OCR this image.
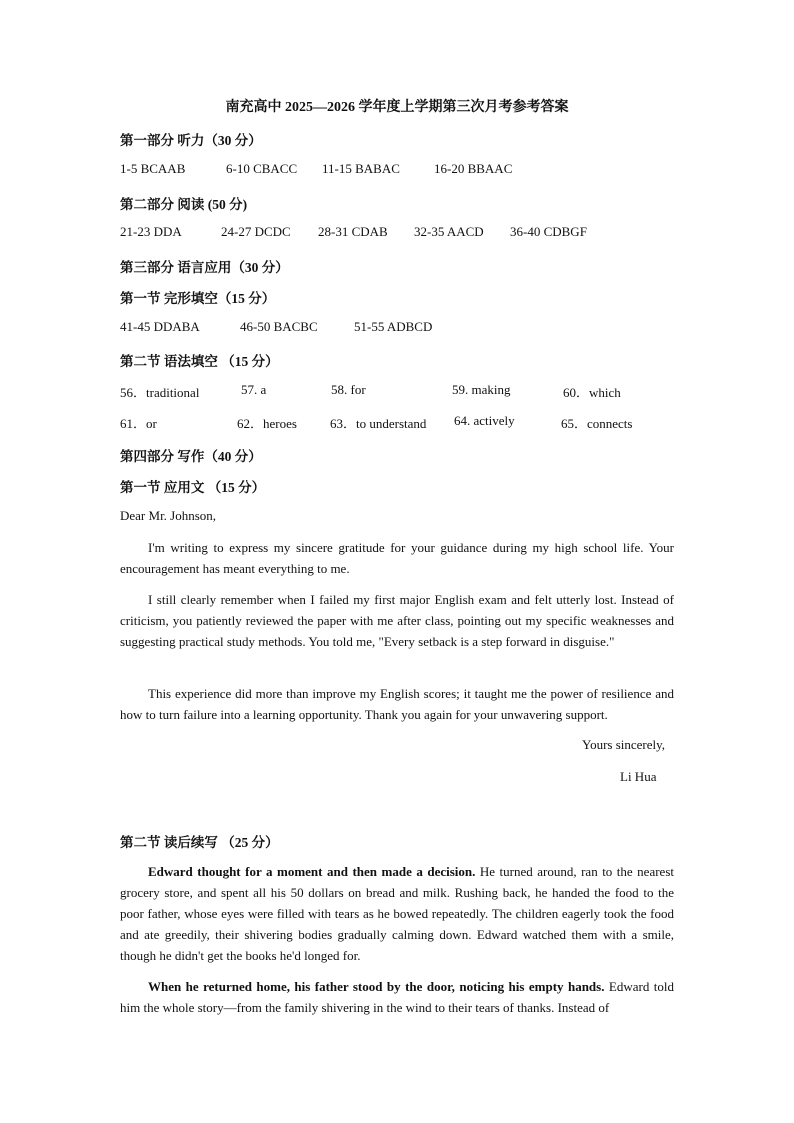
南充高中 2025—2026 学年度上学期第三次月考参考答案
第一部分 听力（30 分）
1-5 BCAAB	6-10 CBACC 11-15 BABAC	16-20 BBAAC
第二部分 阅读 (50 分)
21-23 DDA	24-27 DCDC 28-31 CDAB 32-35 AACD 36-40 CDBGF
第三部分 语言应用（30 分）
第一节 完形填空（15 分）
41-45 DDABA	46-50 BACBC	51-55 ADBCD
第二节 语法填空 （15 分）
56．traditional	57. a	58. for	59. making	60．which
61．or	62．heroes	63．to understand 64. actively	65．connects
第四部分 写作（40 分）
第一节 应用文 （15 分）
Dear Mr. Johnson,

I'm writing to express my sincere gratitude for your guidance during my high school life. Your encouragement has meant everything to me.

I still clearly remember when I failed my first major English exam and felt utterly lost. Instead of criticism, you patiently reviewed the paper with me after class, pointing out my specific weaknesses and suggesting practical study methods. You told me, "Every setback is a step forward in disguise."

This experience did more than improve my English scores; it taught me the power of resilience and how to turn failure into a learning opportunity. Thank you again for your unwavering support.

Yours sincerely,
Li Hua
第二节 读后续写 （25 分）

Edward thought for a moment and then made a decision. He turned around, ran to the nearest grocery store, and spent all his 50 dollars on bread and milk. Rushing back, he handed the food to the poor father, whose eyes were filled with tears as he bowed repeatedly. The children eagerly took the food and ate greedily, their shivering bodies gradually calming down. Edward watched them with a smile, though he didn't get the books he'd longed for.

When he returned home, his father stood by the door, noticing his empty hands. Edward told him the whole story—from the family shivering in the wind to their tears of thanks. Instead of
